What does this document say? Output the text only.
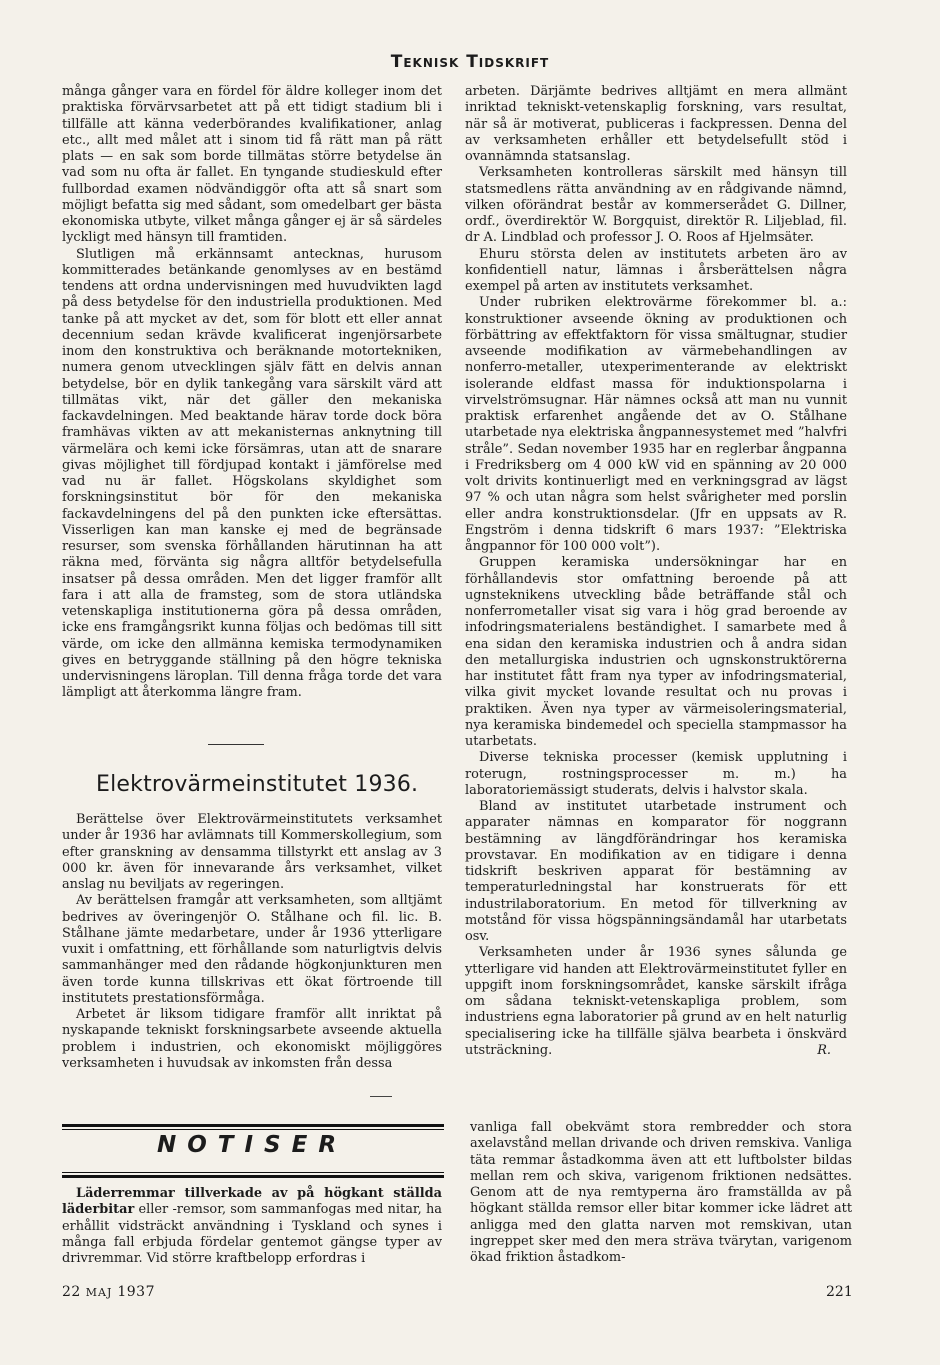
Teknisk Tidskrift

många gånger vara en fördel för äldre kolleger inom det praktiska förvärvsarbetet att på ett tidigt stadium bli i tillfälle att känna vederbörandes kvalifikationer, anlag etc., allt med målet att i sinom tid få rätt man på rätt plats — en sak som borde tillmätas större betydelse än vad som nu ofta är fallet. En tyngande studieskuld efter fullbordad examen nödvändiggör ofta att så snart som möjligt befatta sig med sådant, som omedelbart ger bästa ekonomiska utbyte, vilket många gånger ej är så särdeles lyckligt med hänsyn till framtiden.

Slutligen må erkännsamt antecknas, hurusom kommitterades betänkande genomlyses av en bestämd tendens att ordna undervisningen med huvudvikten lagd på dess betydelse för den industriella produktionen. Med tanke på att mycket av det, som för blott ett eller annat decennium sedan krävde kvalificerat ingenjörsarbete inom den konstruktiva och beräknande motortekniken, numera genom utvecklingen själv fätt en delvis annan betydelse, bör en dylik tankegång vara särskilt värd att tillmätas vikt, när det gäller den mekaniska fackavdelningen. Med beaktande härav torde dock böra framhävas vikten av att mekanisternas anknytning till värmelära och kemi icke försämras, utan att de snarare givas möjlighet till fördjupad kontakt i jämförelse med vad nu är fallet. Högskolans skyldighet som forskningsinstitut bör för den mekaniska fackavdelningens del på den punkten icke eftersättas. Visserligen kan man kanske ej med de begränsade resurser, som svenska förhållanden härutinnan ha att räkna med, förvänta sig några alltför betydelsefulla insatser på dessa områden. Men det ligger framför allt fara i att alla de framsteg, som de stora utländska vetenskapliga institutionerna göra på dessa områden, icke ens framgångsrikt kunna följas och bedömas till sitt värde, om icke den allmänna kemiska termodynamiken gives en betryggande ställning på den högre tekniska undervisningens läroplan. Till denna fråga torde det vara lämpligt att återkomma längre fram.

Elektrovärmeinstitutet 1936.

Berättelse över Elektrovärmeinstitutets verksamhet under år 1936 har avlämnats till Kommerskollegium, som efter granskning av densamma tillstyrkt ett anslag av 3 000 kr. även för innevarande års verksamhet, vilket anslag nu beviljats av regeringen.

Av berättelsen framgår att verksamheten, som alltjämt bedrives av överingenjör O. Stålhane och fil. lic. B. Stålhane jämte medarbetare, under år 1936 ytterligare vuxit i omfattning, ett förhållande som naturligtvis delvis sammanhänger med den rådande högkonjunkturen men även torde kunna tillskrivas ett ökat förtroende till institutets prestationsförmåga.

Arbetet är liksom tidigare framför allt inriktat på nyskapande tekniskt forskningsarbete avseende aktuella problem i industrien, och ekonomiskt möjliggöres verksamheten i huvudsak av inkomsten från dessa

arbeten. Därjämte bedrives alltjämt en mera allmänt inriktad tekniskt-vetenskaplig forskning, vars resultat, när så är motiverat, publiceras i fackpressen. Denna del av verksamheten erhåller ett betydelsefullt stöd i ovannämnda statsanslag.

Verksamheten kontrolleras särskilt med hänsyn till statsmedlens rätta användning av en rådgivande nämnd, vilken oförändrat består av kommerserådet G. Dillner, ordf., överdirektör W. Borgquist, direktör R. Liljeblad, fil. dr A. Lindblad och professor J. O. Roos af Hjelmsäter.

Ehuru största delen av institutets arbeten äro av konfidentiell natur, lämnas i årsberättelsen några exempel på arten av institutets verksamhet.

Under rubriken elektrovärme förekommer bl. a.: konstruktioner avseende ökning av produktionen och förbättring av effektfaktorn för vissa smältugnar, studier avseende modifikation av värmebehandlingen av nonferro-metaller, utexperimenterande av elektriskt isolerande eldfast massa för induktionspolarna i virvelströmsugnar. Här nämnes också att man nu vunnit praktisk erfarenhet angående det av O. Stålhane utarbetade nya elektriska ångpannesystemet med ”halvfri stråle”. Sedan november 1935 har en reglerbar ångpanna i Fredriksberg om 4 000 kW vid en spänning av 20 000 volt drivits kontinuerligt med en verkningsgrad av lägst 97 % och utan några som helst svårigheter med porslin eller andra konstruktionsdelar. (Jfr en uppsats av R. Engström i denna tidskrift 6 mars 1937: ”Elektriska ångpannor för 100 000 volt”).

Gruppen keramiska undersökningar har en förhållandevis stor omfattning beroende på att ugnsteknikens utveckling både beträffande stål och nonferrometaller visat sig vara i hög grad beroende av infodringsmaterialens beständighet. I samarbete med å ena sidan den keramiska industrien och å andra sidan den metallurgiska industrien och ugnskonstruktörerna har institutet fått fram nya typer av infodringsmaterial, vilka givit mycket lovande resultat och nu provas i praktiken. Även nya typer av värmeisoleringsmaterial, nya keramiska bindemedel och speciella stampmassor ha utarbetats.

Diverse tekniska processer (kemisk upplutning i roterugn, rostningsprocesser m. m.) ha laboratoriemässigt studerats, delvis i halvstor skala.

Bland av institutet utarbetade instrument och apparater nämnas en komparator för noggrann bestämning av längdförändringar hos keramiska provstavar. En modifikation av en tidigare i denna tidskrift beskriven apparat för bestämning av temperaturledningstal har konstruerats för ett industrilaboratorium. En metod för tillverkning av motstånd för vissa högspänningsändamål har utarbetats osv.

Verksamheten under år 1936 synes sålunda ge ytterligare vid handen att Elektrovärmeinstitutet fyller en uppgift inom forskningsområdet, kanske särskilt ifråga om sådana tekniskt-vetenskapliga problem, som industriens egna laboratorier på grund av en helt naturlig specialisering icke ha tillfälle själva bearbeta i önskvärd utsträckning.	R.

NOTISER

Läderremmar tillverkade av på högkant ställda läderbitar eller -remsor, som sammanfogas med nitar, ha erhållit vidsträckt användning i Tyskland och synes i många fall erbjuda fördelar gentemot gängse typer av drivremmar. Vid större kraftbelopp erfordras i

vanliga fall obekvämt stora rembredder och stora axelavstånd mellan drivande och driven remskiva. Vanliga täta remmar åstadkomma även att ett luftbolster bildas mellan rem och skiva, varigenom friktionen nedsättes. Genom att de nya remtyperna äro framställda av på högkant ställda remsor eller bitar kommer icke lädret att anligga med den glatta narven mot remskivan, utan ingreppet sker med den mera sträva tvärytan, varigenom ökad friktion åstadkom-

22 MAJ 1937	221
